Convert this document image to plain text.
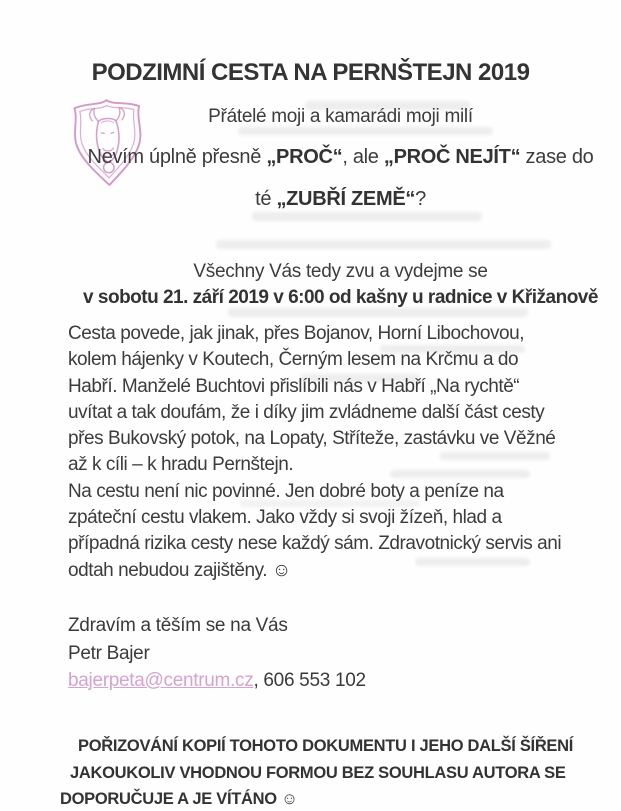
PODZIMNÍ CESTA NA PERNŠTEJN 2019
Přátelé moji a kamarádi moji milí
Nevím úplně přesně „PROČ“, ale „PROČ NEJÍT“ zase do
té „ZUBŘÍ ZEMĚ“?
Všechny Vás tedy zvu a vydejme se
v sobotu 21. září 2019 v 6:00 od kašny u radnice v Křižanově
Cesta povede, jak jinak, přes Bojanov, Horní Libochovou,
kolem hájenky v Koutech, Černým lesem na Krčmu a do
Habří. Manželé Buchtovi přislíbili nás v Habří „Na rychtě“
uvítat a tak doufám, že i díky jim zvládneme další část cesty
přes Bukovský potok, na Lopaty, Stříteže, zastávku ve Věžné
až k cíli – k hradu Pernštejn.
Na cestu není nic povinné. Jen dobré boty a peníze na
zpáteční cestu vlakem. Jako vždy si svoji žízeň, hlad a
případná rizika cesty nese každý sám. Zdravotnický servis ani
odtah nebudou zajištěny. ☺
Zdravím a těším se na Vás
Petr Bajer
bajerpeta@centrum.cz, 606 553 102
POŘIZOVÁNÍ KOPIÍ TOHOTO DOKUMENTU I JEHO DALŠÍ ŠÍŘENÍ
JAKOUKOLIV VHODNOU FORMOU BEZ SOUHLASU AUTORA SE
DOPORUČUJE A JE VÍTÁNO ☺
